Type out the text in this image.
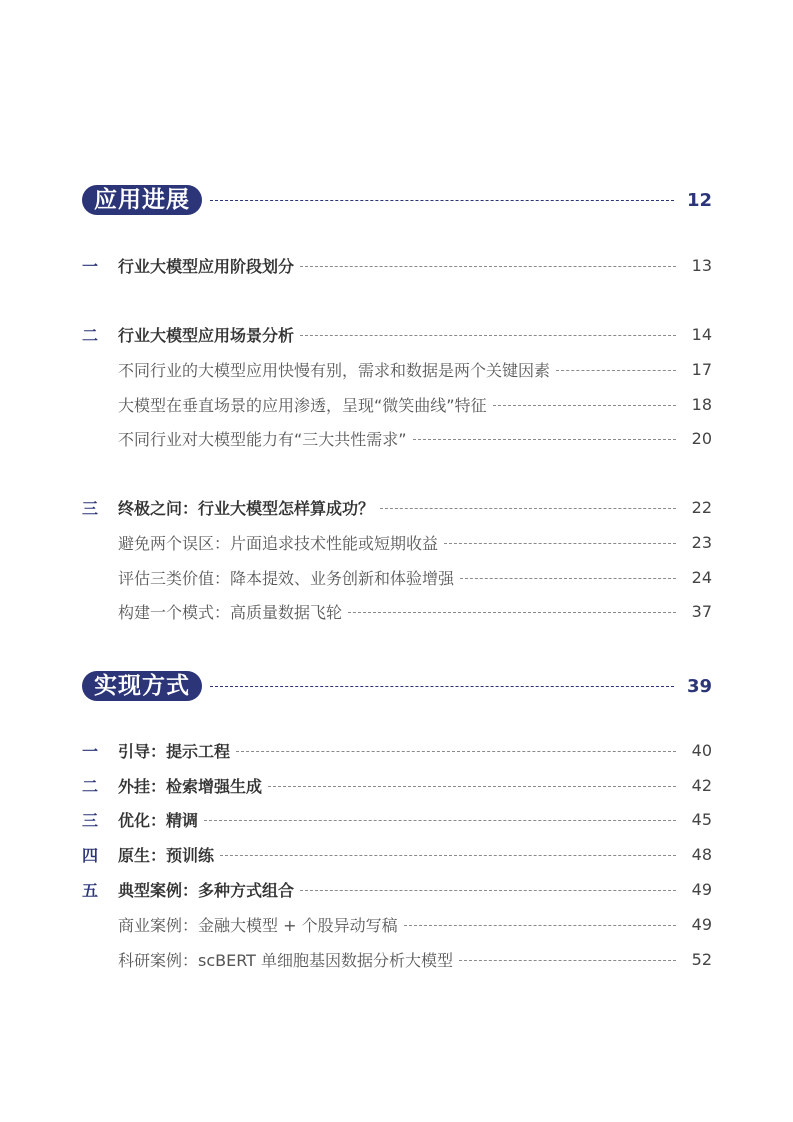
应用进展	12
一	行业大模型应用阶段划分	13
二	行业大模型应用场景分析	14
不同行业的大模型应用快慢有别，需求和数据是两个关键因素	17
大模型在垂直场景的应用渗透，呈现“微笑曲线”特征	18
不同行业对大模型能力有“三大共性需求”	20
三	终极之问：行业大模型怎样算成功？	22
避免两个误区：片面追求技术性能或短期收益	23
评估三类价值：降本提效、业务创新和体验增强	24
构建一个模式：高质量数据飞轮	37
实现方式	39
一	引导：提示工程	40
二	外挂：检索增强生成	42
三	优化：精调	45
四	原生：预训练	48
五	典型案例：多种方式组合	49
商业案例：金融大模型 + 个股异动写稿	49
科研案例：scBERT 单细胞基因数据分析大模型	52
